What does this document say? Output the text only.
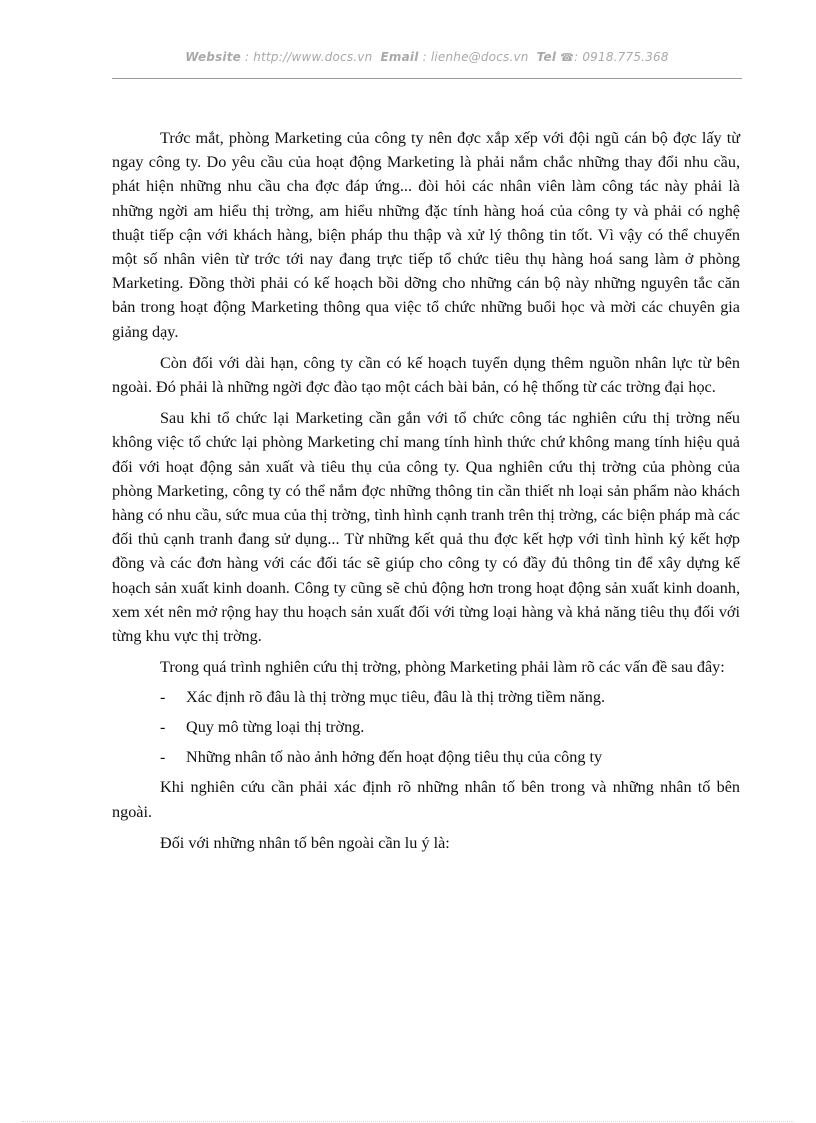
Website : http://www.docs.vn Email : lienhe@docs.vn Tel ☎: 0918.775.368

Trớc mắt, phòng Marketing của công ty nên đợc xắp xếp với đội ngũ cán bộ đợc lấy từ ngay công ty. Do yêu cầu của hoạt động Marketing là phải nắm chắc những thay đổi nhu cầu, phát hiện những nhu cầu cha đợc đáp ứng... đòi hỏi các nhân viên làm công tác này phải là những ngời am hiểu thị trờng, am hiểu những đặc tính hàng hoá của công ty và phải có nghệ thuật tiếp cận với khách hàng, biện pháp thu thập và xử lý thông tin tốt. Vì vậy có thể chuyển một số nhân viên từ trớc tới nay đang trực tiếp tổ chức tiêu thụ hàng hoá sang làm ở phòng Marketing. Đồng thời phải có kế hoạch bồi dỡng cho những cán bộ này những nguyên tắc căn bản trong hoạt động Marketing thông qua việc tổ chức những buổi học và mời các chuyên gia giảng dạy.

Còn đối với dài hạn, công ty cần có kế hoạch tuyển dụng thêm nguồn nhân lực từ bên ngoài. Đó phải là những ngời đợc đào tạo một cách bài bản, có hệ thống từ các trờng đại học.

Sau khi tổ chức lại Marketing cần gắn với tổ chức công tác nghiên cứu thị trờng nếu không việc tổ chức lại phòng Marketing chỉ mang tính hình thức chứ không mang tính hiệu quả đối với hoạt động sản xuất và tiêu thụ của công ty. Qua nghiên cứu thị trờng của phòng của phòng Marketing, công ty có thể nắm đợc những thông tin cần thiết nh loại sản phẩm nào khách hàng có nhu cầu, sức mua của thị trờng, tình hình cạnh tranh trên thị trờng, các biện pháp mà các đối thủ cạnh tranh đang sử dụng... Từ những kết quả thu đợc kết hợp với tình hình ký kết hợp đồng và các đơn hàng với các đối tác sẽ giúp cho công ty có đầy đủ thông tin để xây dựng kế hoạch sản xuất kinh doanh. Công ty cũng sẽ chủ động hơn trong hoạt động sản xuất kinh doanh, xem xét nên mở rộng hay thu hoạch sản xuất đối với từng loại hàng và khả năng tiêu thụ đối với từng khu vực thị trờng.

Trong quá trình nghiên cứu thị trờng, phòng Marketing phải làm rõ các vấn đề sau đây:

- Xác định rõ đâu là thị trờng mục tiêu, đâu là thị trờng tiềm năng.
- Quy mô từng loại thị trờng.
- Những nhân tố nào ảnh hởng đến hoạt động tiêu thụ của công ty

Khi nghiên cứu cần phải xác định rõ những nhân tố bên trong và những nhân tố bên ngoài.

Đối với những nhân tố bên ngoài cần lu ý là:
